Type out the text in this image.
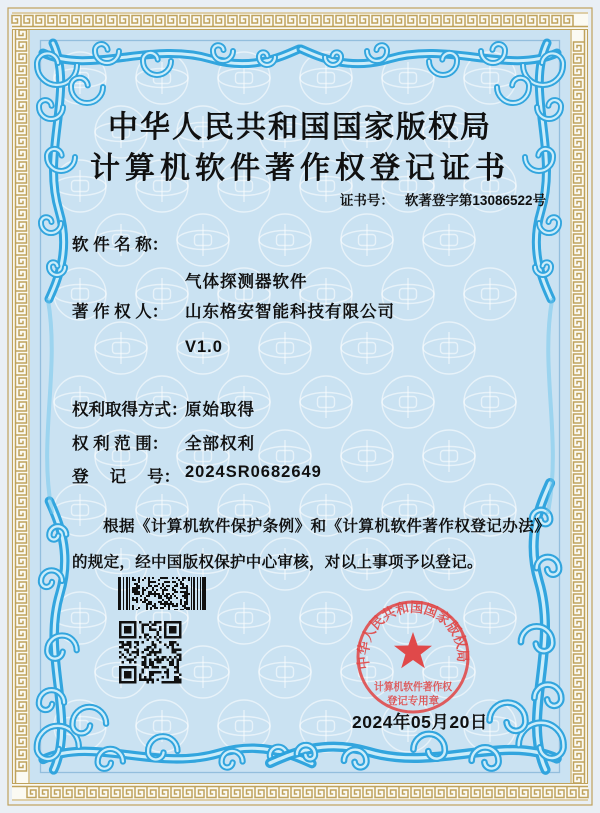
中华人民共和国国家版权局
计算机软件著作权登记证书
证书号： 软著登字第13086522号
软 件 名 称：

气体探测器软件

V1.0

著 作 权 人：	山东格安智能科技有限公司
权利取得方式：
原始取得
权 利 范 围：	全部权利
登　 记　 号： 2024SR0682649

根据《计算机软件保护条例》和《计算机软件著作权登记办法》的规定，经中国版权保护中心审核，对以上事项予以登记。

中华人民共和国国家版权局
计算机软件著作权
登记专用章
2024年05月20日
